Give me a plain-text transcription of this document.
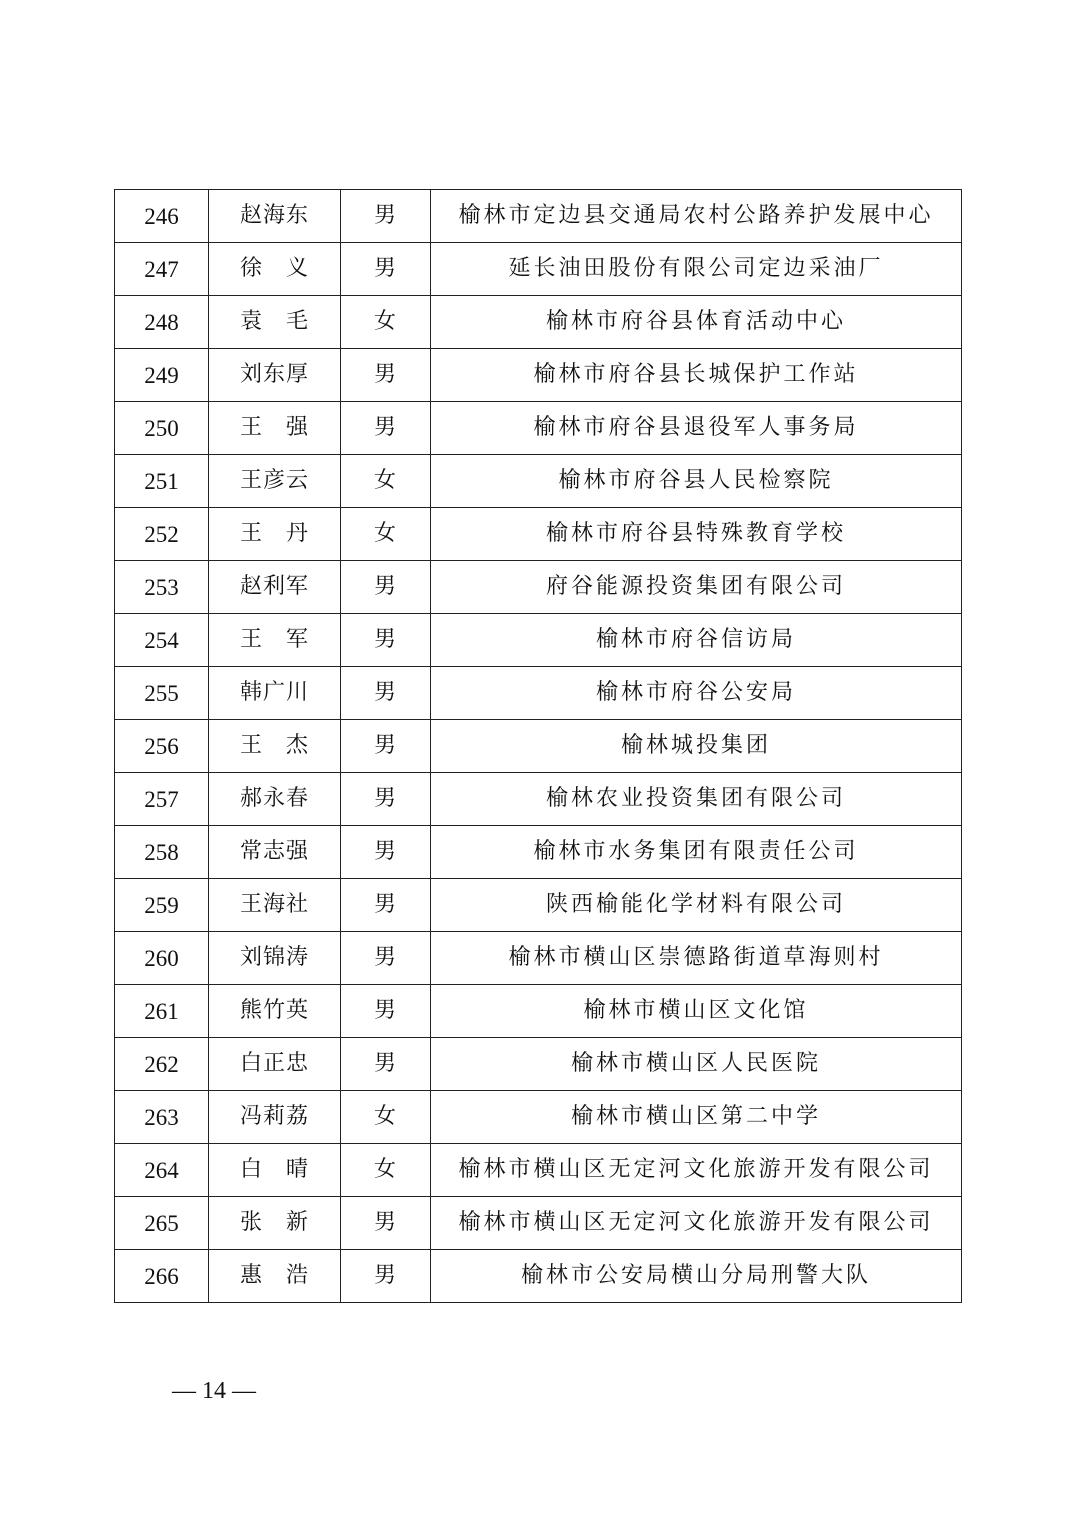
246	赵海东	男	榆林市定边县交通局农村公路养护发展中心
247	徐　义	男	延长油田股份有限公司定边采油厂
248	袁　毛	女	榆林市府谷县体育活动中心
249	刘东厚	男	榆林市府谷县长城保护工作站
250	王　强	男	榆林市府谷县退役军人事务局
251	王彦云	女	榆林市府谷县人民检察院
252	王　丹	女	榆林市府谷县特殊教育学校
253	赵利军	男	府谷能源投资集团有限公司
254	王　军	男	榆林市府谷信访局
255	韩广川	男	榆林市府谷公安局
256	王　杰	男	榆林城投集团
257	郝永春	男	榆林农业投资集团有限公司
258	常志强	男	榆林市水务集团有限责任公司
259	王海社	男	陕西榆能化学材料有限公司
260	刘锦涛	男	榆林市横山区崇德路街道草海则村
261	熊竹英	男	榆林市横山区文化馆
262	白正忠	男	榆林市横山区人民医院
263	冯莉荔	女	榆林市横山区第二中学
264	白　晴	女	榆林市横山区无定河文化旅游开发有限公司
265	张　新	男	榆林市横山区无定河文化旅游开发有限公司
266	惠　浩	男	榆林市公安局横山分局刑警大队
— 14 —
